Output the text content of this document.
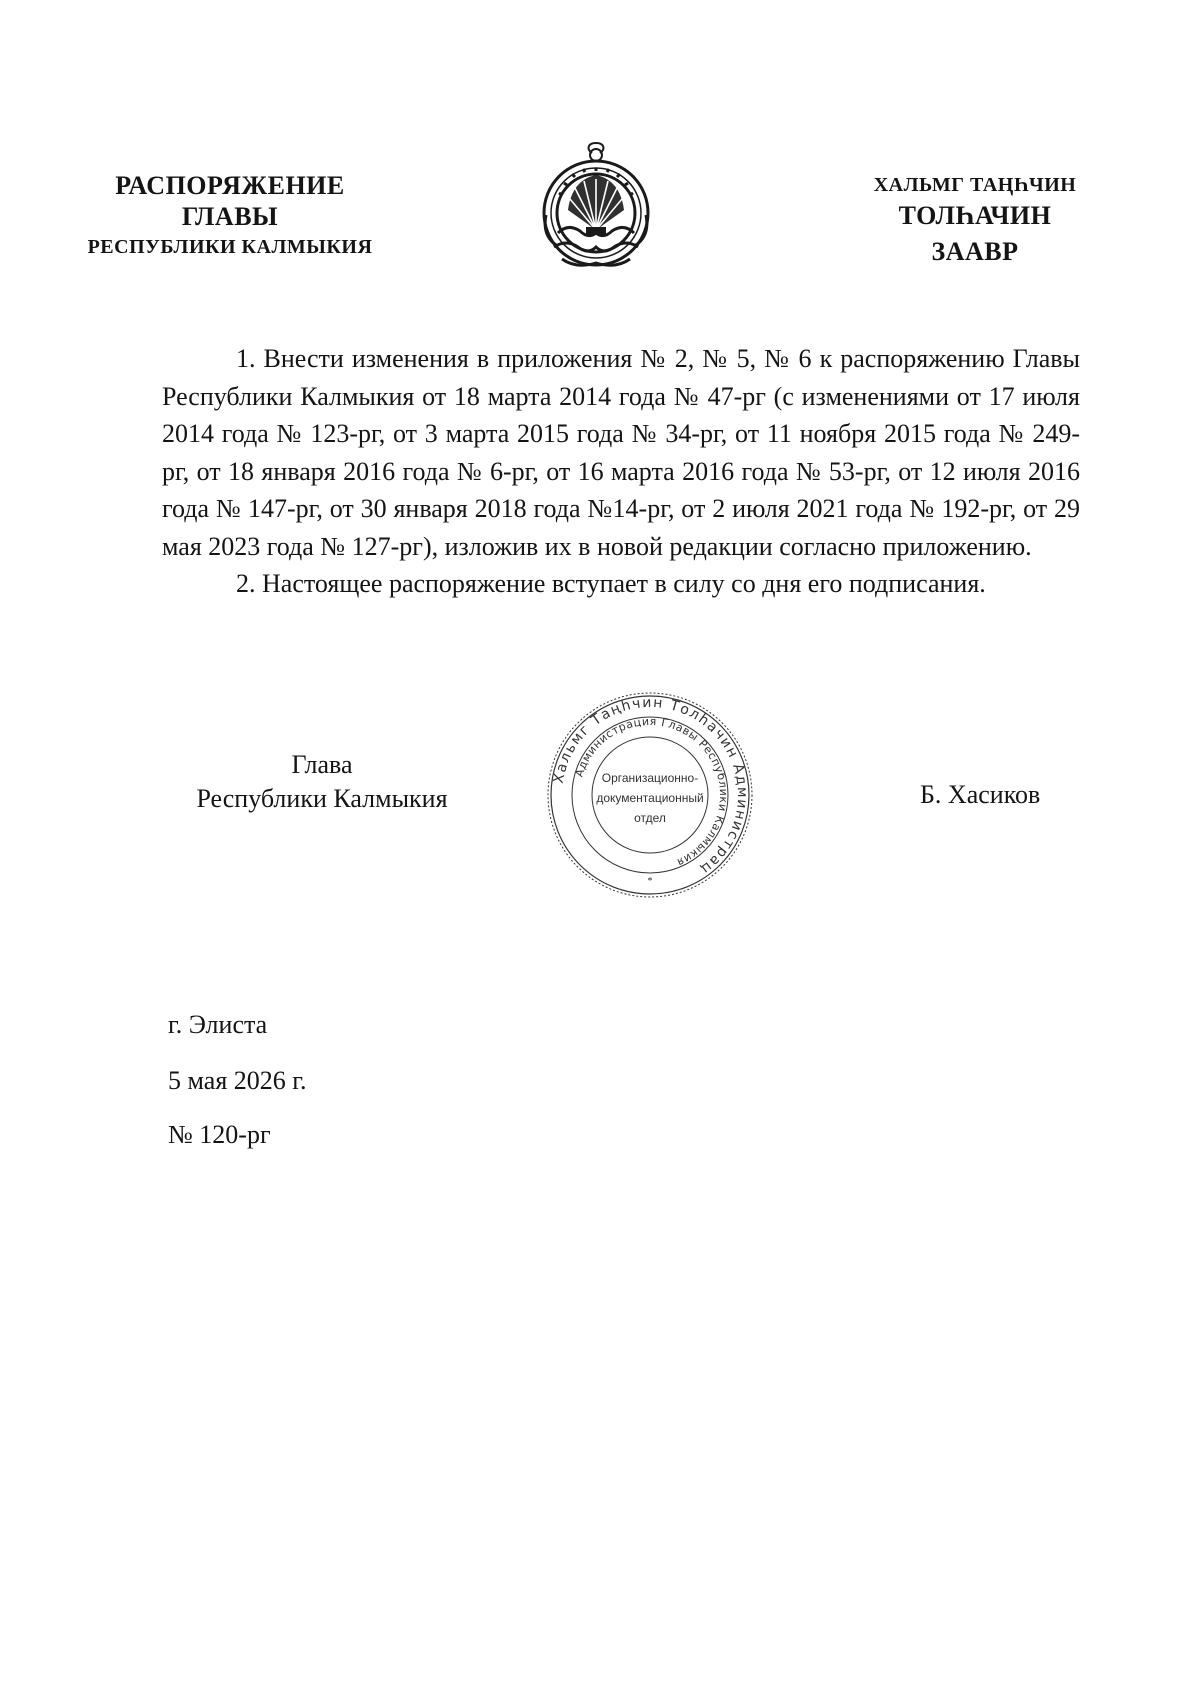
РАСПОРЯЖЕНИЕ
ГЛАВЫ
РЕСПУБЛИКИ КАЛМЫКИЯ
ХАЛЬМГ ТАҢҺЧИН
ТОЛҺАЧИН
ЗААВР

1. Внести изменения в приложения № 2, № 5, № 6 к распоряжению Главы Республики Калмыкия от 18 марта 2014 года № 47-рг (с изменениями от 17 июля 2014 года № 123-рг, от 3 марта 2015 года № 34-рг, от 11 ноября 2015 года № 249-рг, от 18 января 2016 года № 6-рг, от 16 марта 2016 года № 53-рг, от 12 июля 2016 года № 147-рг, от 30 января 2018 года №14-рг, от 2 июля 2021 года № 192-рг, от 29 мая 2023 года № 127-рг), изложив их в новой редакции согласно приложению.

2. Настоящее распоряжение вступает в силу со дня его подписания.

Глава
Республики Калмыкия	Б. Хасиков
Хальмг Таңһчин Толһачин Администрац
Администрация Главы Республики Калмыкия
Организационно-
документационный
отдел
*
г. Элиста
5 мая 2026 г.
№ 120-рг
